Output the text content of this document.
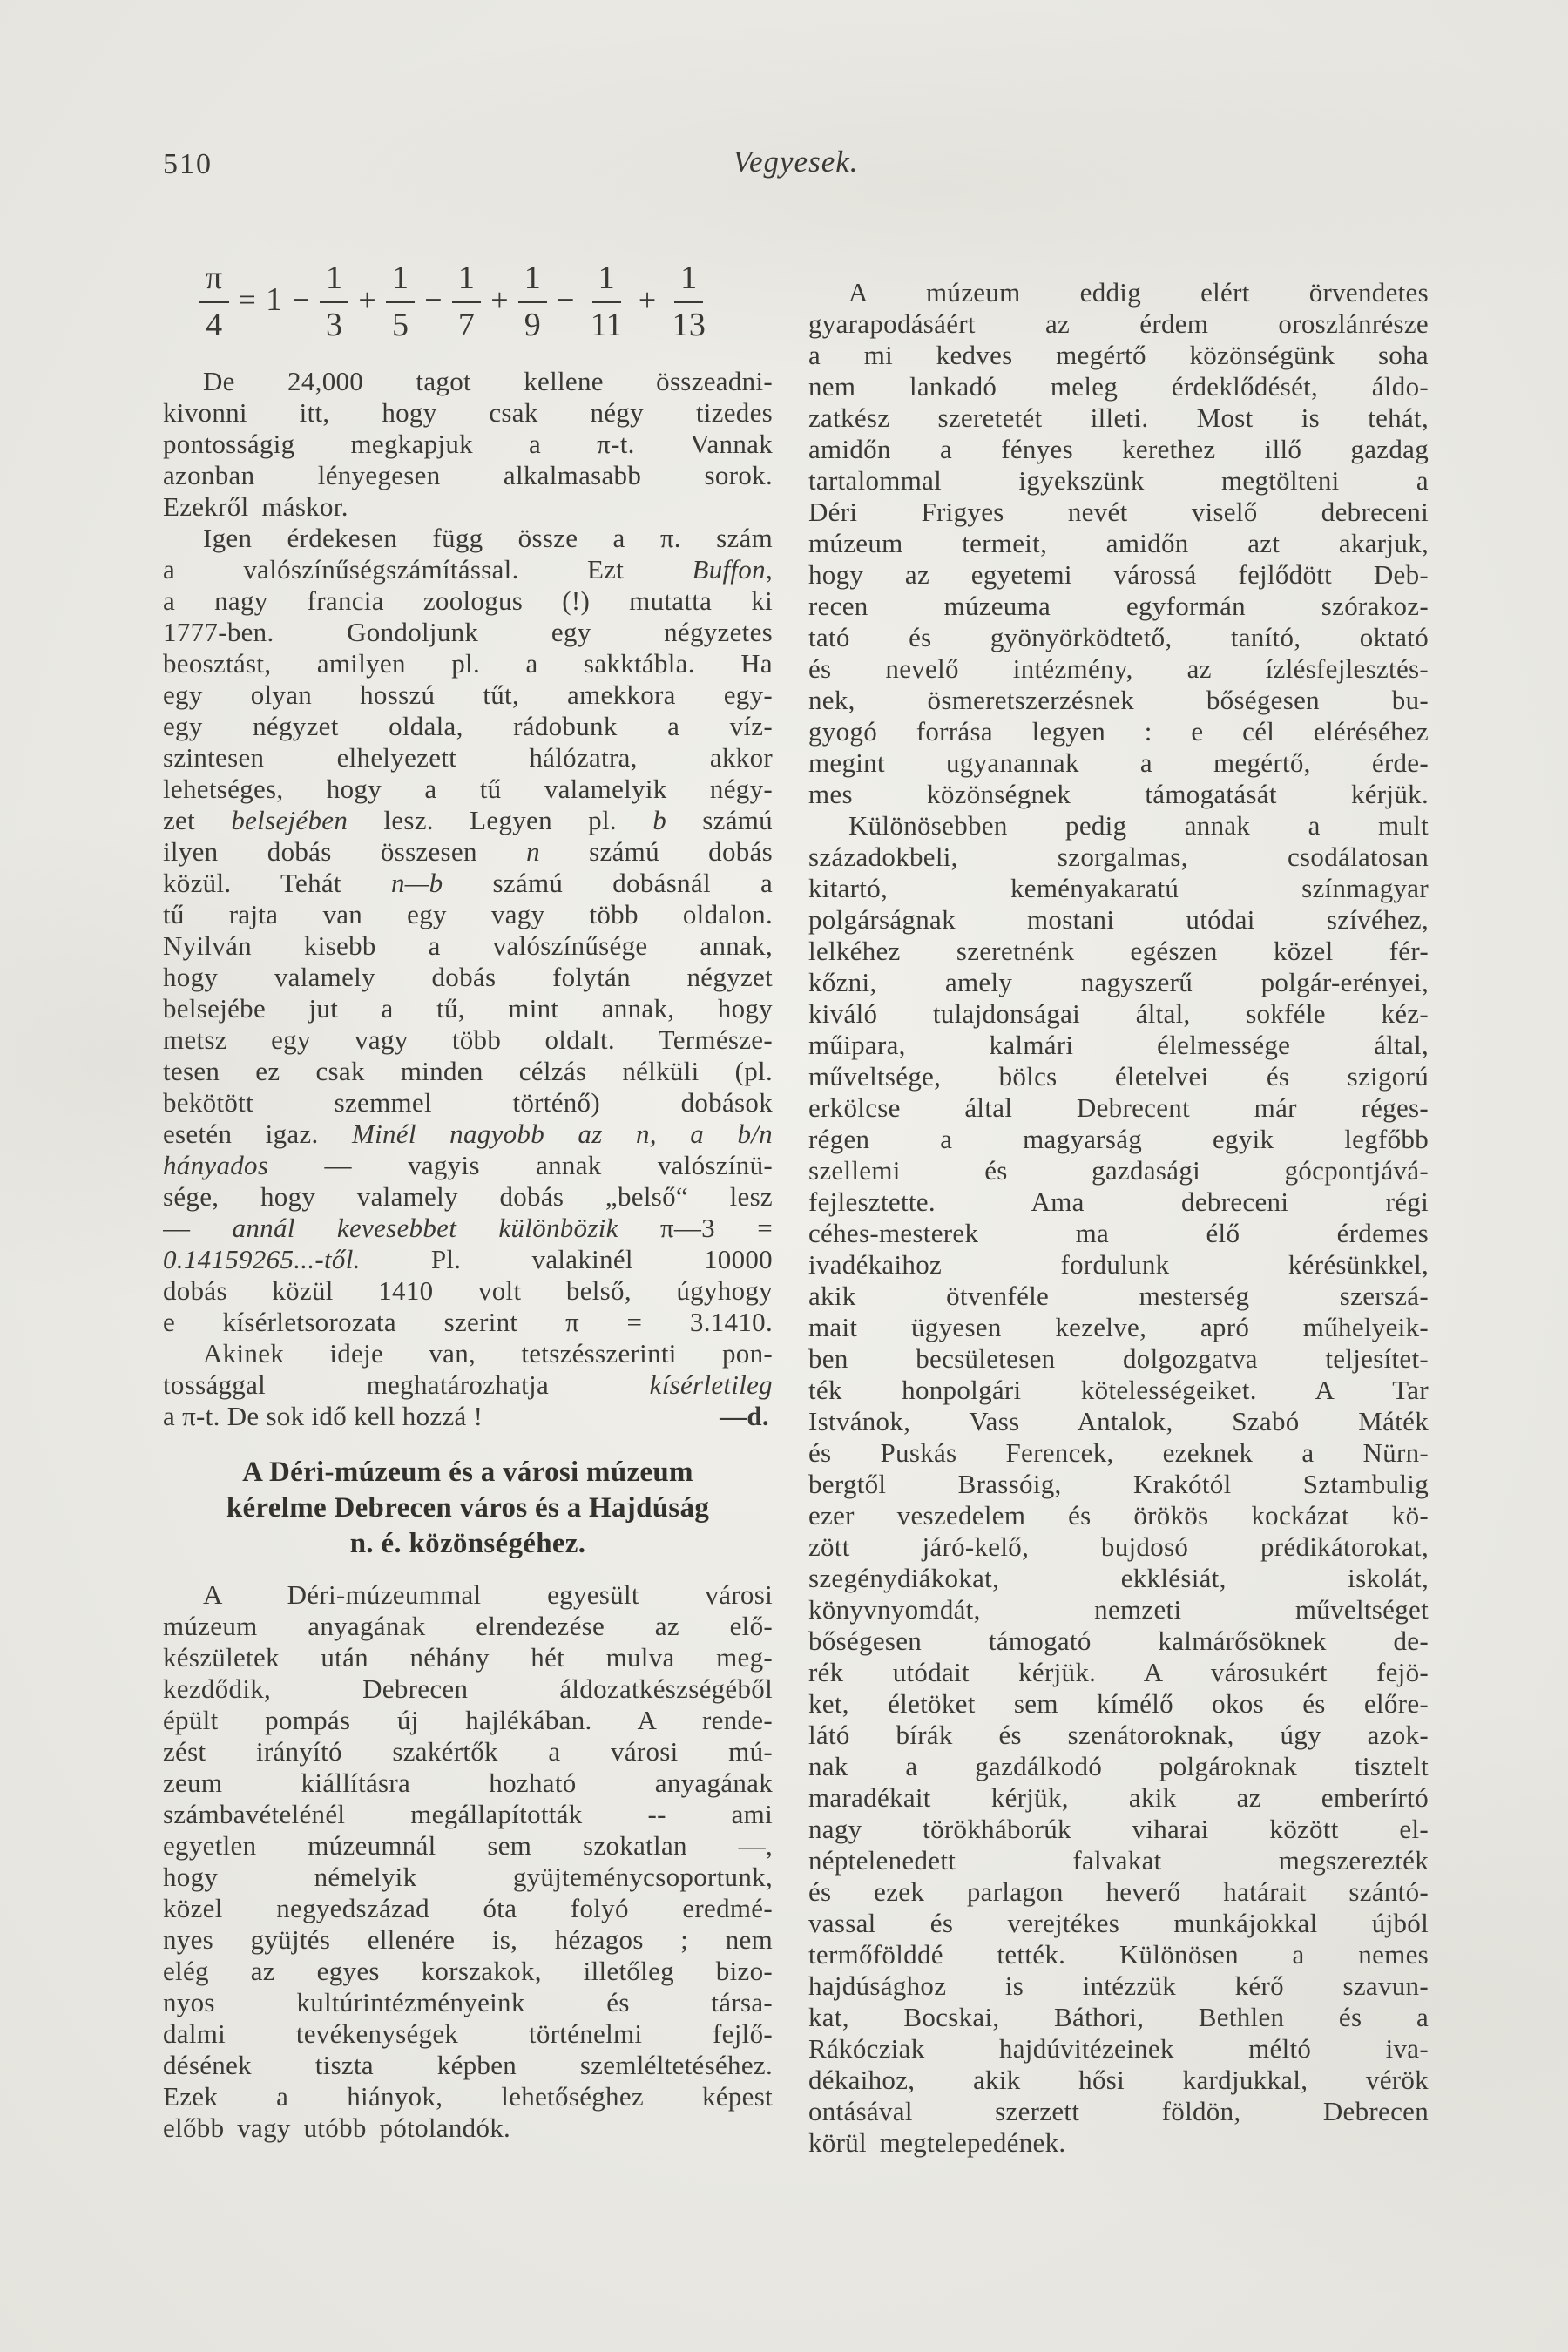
510	Vegyesek.
$\frac{\pi}{4} = 1 - \frac{1}{3} + \frac{1}{5} - \frac{1}{7} + \frac{1}{9} - \frac{1}{11} + \frac{1}{13}$
De 24,000 tagot kellene összeadni-
kivonni itt, hogy csak négy tizedes
pontosságig megkapjuk a π-t. Vannak
azonban lényegesen alkalmasabb sorok.
Ezekről máskor.
Igen érdekesen függ össze a π. szám
a valószínűségszámítással. Ezt Buffon,
a nagy francia zoologus (!) mutatta ki
1777-ben. Gondoljunk egy négyzetes
beosztást, amilyen pl. a sakktábla. Ha
egy olyan hosszú tűt, amekkora egy-
egy négyzet oldala, rádobunk a víz-
szintesen elhelyezett hálózatra, akkor
lehetséges, hogy a tű valamelyik négy-
zet belsejében lesz. Legyen pl. b számú
ilyen dobás összesen n számú dobás
közül. Tehát n—b számú dobásnál a
tű rajta van egy vagy több oldalon.
Nyilván kisebb a valószínűsége annak,
hogy valamely dobás folytán négyzet
belsejébe jut a tű, mint annak, hogy
metsz egy vagy több oldalt. Természe-
tesen ez csak minden célzás nélküli (pl.
bekötött szemmel történő) dobások
esetén igaz. Minél nagyobb az n, a b/n
hányados — vagyis annak valószínü-
sége, hogy valamely dobás „belső“ lesz
— annál kevesebbet különbözik π—3 =
0.14159265...-től. Pl. valakinél 10000
dobás közül 1410 volt belső, úgyhogy
e kísérletsorozata szerint π = 3.1410.
Akinek ideje van, tetszésszerinti pon-
tossággal meghatározhatja kísérletileg
a π-t. De sok idő kell hozzá !	—d.
A Déri-múzeum és a városi múzeum
kérelme Debrecen város és a Hajdúság
n. é. közönségéhez.
A Déri-múzeummal egyesült városi
múzeum anyagának elrendezése az elő-
készületek után néhány hét mulva meg-
kezdődik, Debrecen áldozatkészségéből
épült pompás új hajlékában. A rende-
zést irányító szakértők a városi mú-
zeum kiállításra hozható anyagának
számbavételénél megállapították -- ami
egyetlen múzeumnál sem szokatlan —,
hogy némelyik gyüjteménycsoportunk,
közel negyedszázad óta folyó eredmé-
nyes gyüjtés ellenére is, hézagos ; nem
elég az egyes korszakok, illetőleg bizo-
nyos kultúrintézményeink és társa-
dalmi tevékenységek történelmi fejlő-
désének tiszta képben szemléltetéséhez.
Ezek a hiányok, lehetőséghez képest
előbb vagy utóbb pótolandók.
A múzeum eddig elért örvendetes
gyarapodásáért az érdem oroszlánrésze
a mi kedves megértő közönségünk soha
nem lankadó meleg érdeklődését, áldo-
zatkész szeretetét illeti. Most is tehát,
amidőn a fényes kerethez illő gazdag
tartalommal igyekszünk megtölteni a
Déri Frigyes nevét viselő debreceni
múzeum termeit, amidőn azt akarjuk,
hogy az egyetemi várossá fejlődött Deb-
recen múzeuma egyformán szórakoz-
tató és gyönyörködtető, tanító, oktató
és nevelő intézmény, az ízlésfejlesztés-
nek, ösmeretszerzésnek bőségesen bu-
gyogó forrása legyen : e cél eléréséhez
megint ugyanannak a megértő, érde-
mes közönségnek támogatását kérjük.
Különösebben pedig annak a mult
századokbeli, szorgalmas, csodálatosan
kitartó, keményakaratú színmagyar
polgárságnak mostani utódai szívéhez,
lelkéhez szeretnénk egészen közel fér-
kőzni, amely nagyszerű polgár-erényei,
kiváló tulajdonságai által, sokféle kéz-
műipara, kalmári élelmessége által,
műveltsége, bölcs életelvei és szigorú
erkölcse által Debrecent már réges-
régen a magyarság egyik legfőbb
szellemi és gazdasági gócpontjává-
fejlesztette. Ama debreceni régi
céhes-mesterek ma élő érdemes
ivadékaihoz fordulunk kérésünkkel,
akik ötvenféle mesterség szerszá-
mait ügyesen kezelve, apró műhelyeik-
ben becsületesen dolgozgatva teljesítet-
ték honpolgári kötelességeiket. A Tar
Istvánok, Vass Antalok, Szabó Máték
és Puskás Ferencek, ezeknek a Nürn-
bergtől Brassóig, Krakótól Sztambulig
ezer veszedelem és örökös kockázat kö-
zött járó-kelő, bujdosó prédikátorokat,
szegénydiákokat, ekklésiát, iskolát,
könyvnyomdát, nemzeti műveltséget
bőségesen támogató kalmárősöknek de-
rék utódait kérjük. A városukért fejö-
ket, életöket sem kímélő okos és előre-
látó bírák és szenátoroknak, úgy azok-
nak a gazdálkodó polgároknak tisztelt
maradékait kérjük, akik az emberírtó
nagy törökháborúk viharai között el-
néptelenedett falvakat megszerezték
és ezek parlagon heverő határait szántó-
vassal és verejtékes munkájokkal újból
termőfölddé tették. Különösen a nemes
hajdúsághoz is intézzük kérő szavun-
kat, Bocskai, Báthori, Bethlen és a
Rákócziak hajdúvitézeinek méltó iva-
dékaihoz, akik hősi kardjukkal, vérök
ontásával szerzett földön, Debrecen
körül megtelepedének.
